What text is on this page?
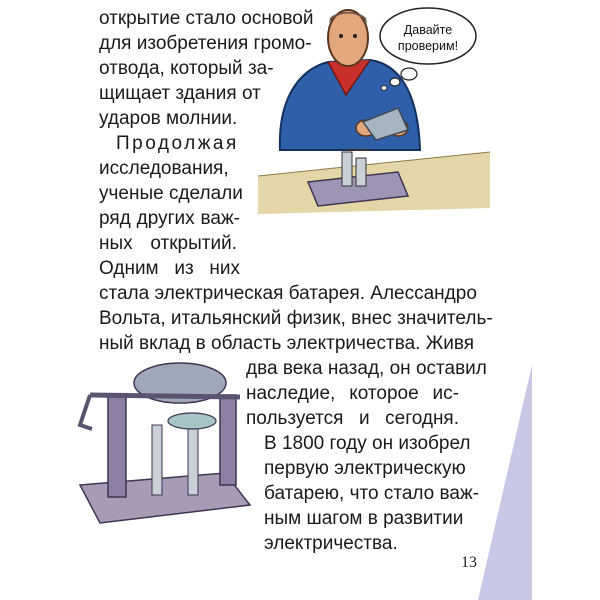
Давайте
проверим!
открытие стало основой
для изобретения громо-
отвода, который за-
щищает здания от
ударов молнии.
Продолжая
исследования,
ученые сделали
ряд других важ-
ных открытий.
Одним из них
стала электрическая батарея. Алессандро
Вольта, итальянский физик, внес значитель-
ный вклад в область электричества. Живя
два века назад, он оставил
наследие, которое ис-
пользуется и сегодня.
В 1800 году он изобрел
первую электрическую
батарею, что стало важ-
ным шагом в развитии
электричества.
13
